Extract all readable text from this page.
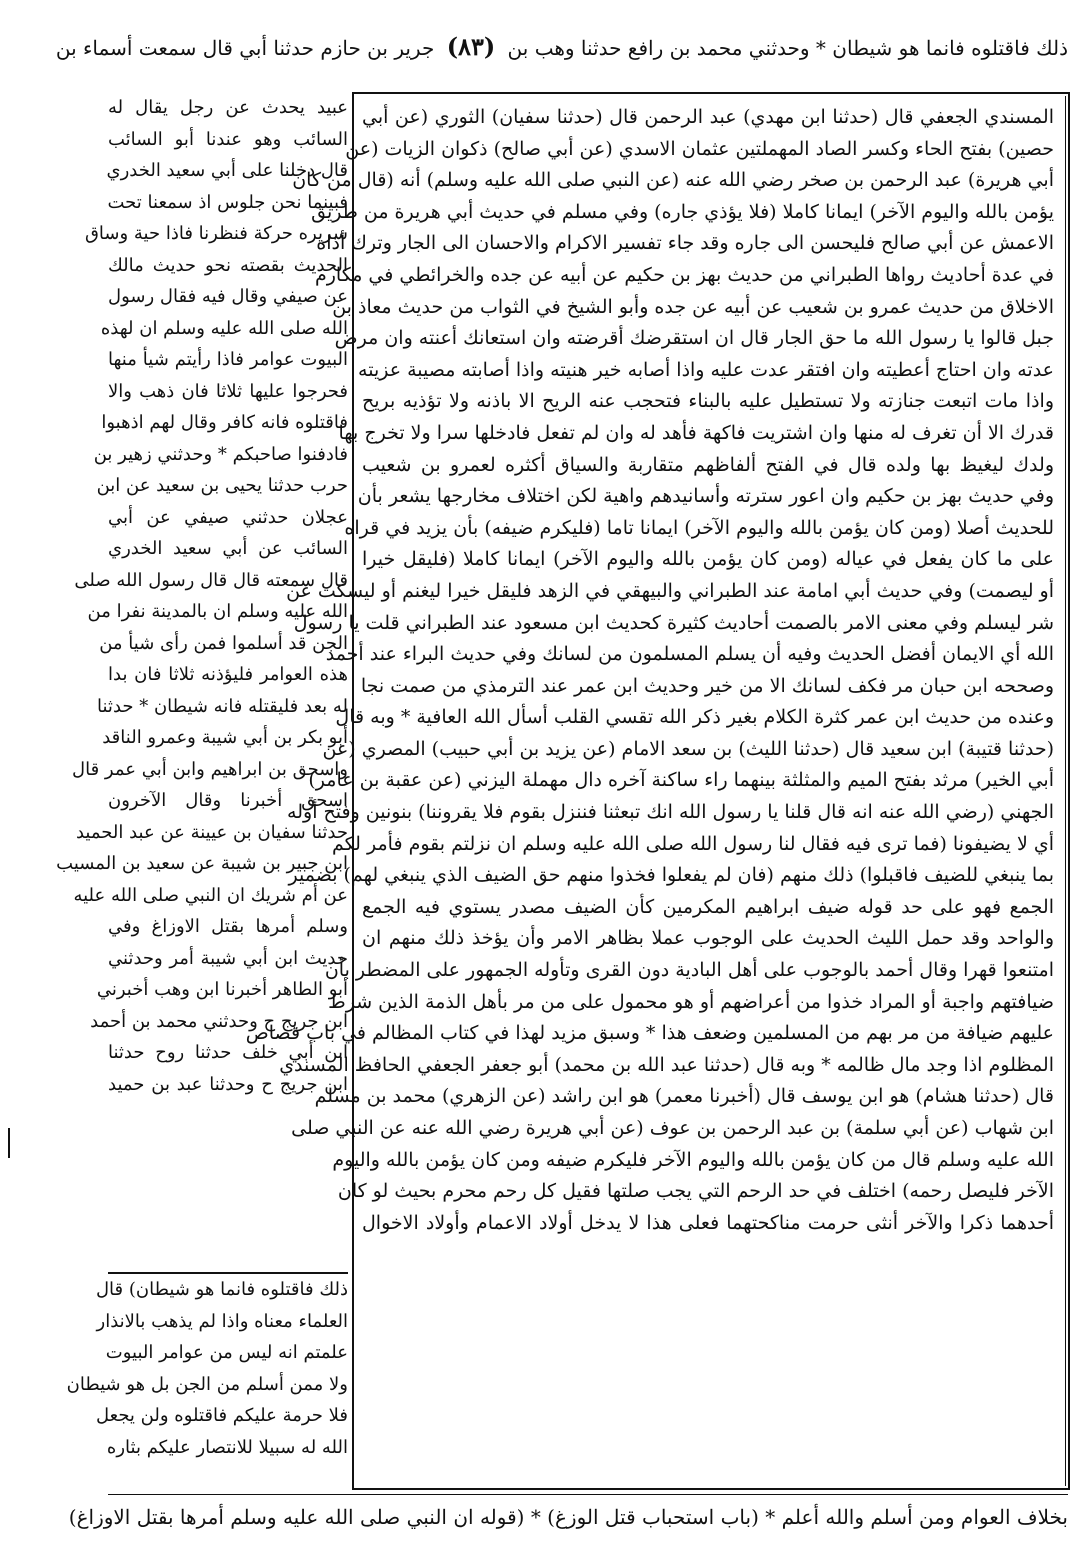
ذلك فاقتلوه فانما هو شيطان * وحدثني محمد بن رافع حدثنا وهب بن (٨٣) جرير بن حازم حدثنا أبي قال سمعت أسماء بن
المسندي الجعفي قال (حدثنا ابن مهدي) عبد الرحمن قال (حدثنا سفيان) الثوري (عن أبي
حصين) بفتح الحاء وكسر الصاد المهملتين عثمان الاسدي (عن أبي صالح) ذكوان الزيات (عن
أبي هريرة) عبد الرحمن بن صخر رضي الله عنه (عن النبي صلى الله عليه وسلم) أنه (قال من كان
يؤمن بالله واليوم الآخر) ايمانا كاملا (فلا يؤذي جاره) وفي مسلم في حديث أبي هريرة من طريق
الاعمش عن أبي صالح فليحسن الى جاره وقد جاء تفسير الاكرام والاحسان الى الجار وترك أذاه
في عدة أحاديث رواها الطبراني من حديث بهز بن حكيم عن أبيه عن جده والخرائطي في مكارم
الاخلاق من حديث عمرو بن شعيب عن أبيه عن جده وأبو الشيخ في الثواب من حديث معاذ بن
جبل قالوا يا رسول الله ما حق الجار قال ان استقرضك أقرضته وان استعانك أعنته وان مرض
عدته وان احتاج أعطيته وان افتقر عدت عليه واذا أصابه خير هنيته واذا أصابته مصيبة عزيته
واذا مات اتبعت جنازته ولا تستطيل عليه بالبناء فتحجب عنه الريح الا باذنه ولا تؤذيه بريح
قدرك الا أن تغرف له منها وان اشتريت فاكهة فأهد له وان لم تفعل فادخلها سرا ولا تخرج بها
ولدك ليغيظ بها ولده قال في الفتح ألفاظهم متقاربة والسياق أكثره لعمرو بن شعيب
وفي حديث بهز بن حكيم وان اعور سترته وأسانيدهم واهية لكن اختلاف مخارجها يشعر بأن
للحديث أصلا (ومن كان يؤمن بالله واليوم الآخر) ايمانا تاما (فليكرم ضيفه) بأن يزيد في قراه
على ما كان يفعل في عياله (ومن كان يؤمن بالله واليوم الآخر) ايمانا كاملا (فليقل خيرا
أو ليصمت) وفي حديث أبي امامة عند الطبراني والبيهقي في الزهد فليقل خيرا ليغنم أو ليسكت عن
شر ليسلم وفي معنى الامر بالصمت أحاديث كثيرة كحديث ابن مسعود عند الطبراني قلت يا رسول
الله أي الايمان أفضل الحديث وفيه أن يسلم المسلمون من لسانك وفي حديث البراء عند أحمد
وصححه ابن حبان مر فكف لسانك الا من خير وحديث ابن عمر عند الترمذي من صمت نجا
وعنده من حديث ابن عمر كثرة الكلام بغير ذكر الله تقسي القلب أسأل الله العافية * وبه قال
(حدثنا قتيبة) ابن سعيد قال (حدثنا الليث) بن سعد الامام (عن يزيد بن أبي حبيب) المصري (عن
أبي الخير) مرثد بفتح الميم والمثلثة بينهما راء ساكنة آخره دال مهملة اليزني (عن عقبة بن عامر)
الجهني (رضي الله عنه انه قال قلنا يا رسول الله انك تبعثنا فننزل بقوم فلا يقروننا) بنونين وفتح أوله
أي لا يضيفونا (فما ترى فيه فقال لنا رسول الله صلى الله عليه وسلم ان نزلتم بقوم فأمر لكم
بما ينبغي للضيف فاقبلوا) ذلك منهم (فان لم يفعلوا فخذوا منهم حق الضيف الذي ينبغي لهم) بضمير
الجمع فهو على حد قوله ضيف ابراهيم المكرمين كأن الضيف مصدر يستوي فيه الجمع
والواحد وقد حمل الليث الحديث على الوجوب عملا بظاهر الامر وأن يؤخذ ذلك منهم ان
امتنعوا قهرا وقال أحمد بالوجوب على أهل البادية دون القرى وتأوله الجمهور على المضطر بأن
ضيافتهم واجبة أو المراد خذوا من أعراضهم أو هو محمول على من مر بأهل الذمة الذين شرط
عليهم ضيافة من مر بهم من المسلمين وضعف هذا * وسبق مزيد لهذا في كتاب المظالم في باب قصاص
المظلوم اذا وجد مال ظالمه * وبه قال (حدثنا عبد الله بن محمد) أبو جعفر الجعفي الحافظ المسندي
قال (حدثنا هشام) هو ابن يوسف قال (أخبرنا معمر) هو ابن راشد (عن الزهري) محمد بن مسلم
ابن شهاب (عن أبي سلمة) بن عبد الرحمن بن عوف (عن أبي هريرة رضي الله عنه عن النبي صلى
الله عليه وسلم قال من كان يؤمن بالله واليوم الآخر فليكرم ضيفه ومن كان يؤمن بالله واليوم
الآخر فليصل رحمه) اختلف في حد الرحم التي يجب صلتها فقيل كل رحم محرم بحيث لو كان
أحدهما ذكرا والآخر أنثى حرمت مناكحتهما فعلى هذا لا يدخل أولاد الاعمام وأولاد الاخوال
عبيد يحدث عن رجل يقال له
السائب وهو عندنا أبو السائب
قال دخلنا على أبي سعيد الخدري
فبينما نحن جلوس اذ سمعنا تحت
سريره حركة فنظرنا فاذا حية وساق
الحديث بقصته نحو حديث مالك
عن صيفي وقال فيه فقال رسول
الله صلى الله عليه وسلم ان لهذه
البيوت عوامر فاذا رأيتم شيأ منها
فحرجوا عليها ثلاثا فان ذهب والا
فاقتلوه فانه كافر وقال لهم اذهبوا
فادفنوا صاحبكم * وحدثني زهير بن
حرب حدثنا يحيى بن سعيد عن ابن
عجلان حدثني صيفي عن أبي
السائب عن أبي سعيد الخدري
قال سمعته قال قال رسول الله صلى
الله عليه وسلم ان بالمدينة نفرا من
الجن قد أسلموا فمن رأى شيأ من
هذه العوامر فليؤذنه ثلاثا فان بدا
له بعد فليقتله فانه شيطان * حدثنا
أبو بكر بن أبي شيبة وعمرو الناقد
واسحق بن ابراهيم وابن أبي عمر قال
اسحق أخبرنا وقال الآخرون
حدثنا سفيان بن عيينة عن عبد الحميد
ابن جبير بن شيبة عن سعيد بن المسيب
عن أم شريك ان النبي صلى الله عليه
وسلم أمرها بقتل الاوزاغ وفي
حديث ابن أبي شيبة أمر وحدثني
أبو الطاهر أخبرنا ابن وهب أخبرني
ابن جريج ح وحدثني محمد بن أحمد
ابن أبي خلف حدثنا روح حدثنا
ابن جريج ح وحدثنا عبد بن حميد
ذلك فاقتلوه فانما هو شيطان) قال
العلماء معناه واذا لم يذهب بالانذار
علمتم انه ليس من عوامر البيوت
ولا ممن أسلم من الجن بل هو شيطان
فلا حرمة عليكم فاقتلوه ولن يجعل
الله له سبيلا للانتصار عليكم بثاره
بخلاف العوام ومن أسلم والله أعلم * (باب استحباب قتل الوزغ) * (قوله ان النبي صلى الله عليه وسلم أمرها بقتل الاوزاغ)
